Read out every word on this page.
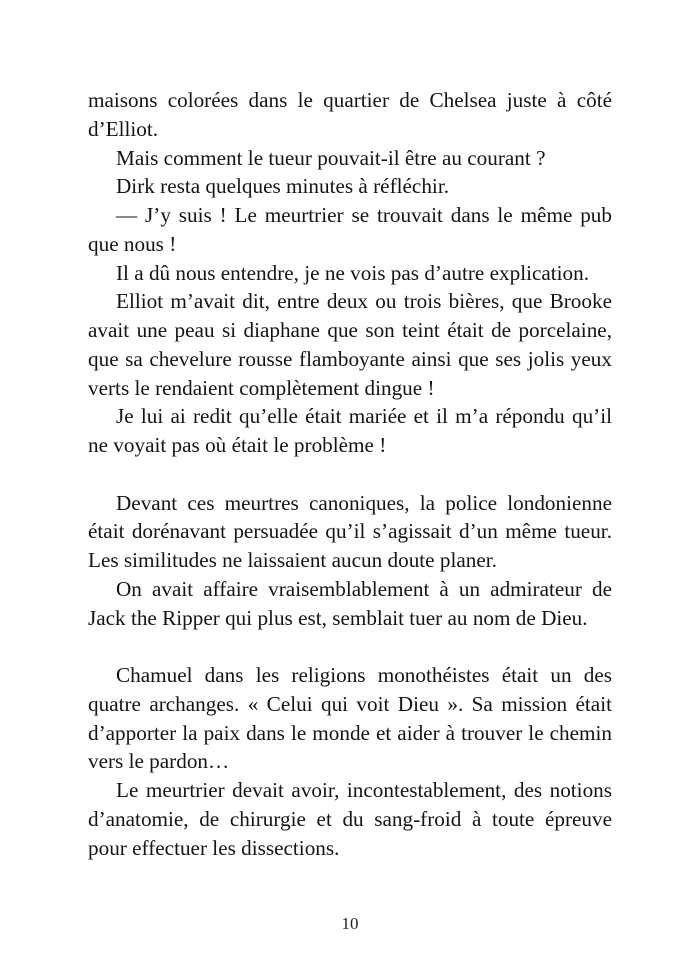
maisons colorées dans le quartier de Chelsea juste à côté d’Elliot.

Mais comment le tueur pouvait-il être au courant ?

Dirk resta quelques minutes à réfléchir.

— J’y suis ! Le meurtrier se trouvait dans le même pub que nous !

Il a dû nous entendre, je ne vois pas d’autre explication.

Elliot m’avait dit, entre deux ou trois bières, que Brooke avait une peau si diaphane que son teint était de porcelaine, que sa chevelure rousse flamboyante ainsi que ses jolis yeux verts le rendaient complètement dingue !

Je lui ai redit qu’elle était mariée et il m’a répondu qu’il ne voyait pas où était le problème !

Devant ces meurtres canoniques, la police londonienne était dorénavant persuadée qu’il s’agissait d’un même tueur. Les similitudes ne laissaient aucun doute planer.

On avait affaire vraisemblablement à un admirateur de Jack the Ripper qui plus est, semblait tuer au nom de Dieu.

Chamuel dans les religions monothéistes était un des quatre archanges. « Celui qui voit Dieu ». Sa mission était d’apporter la paix dans le monde et aider à trouver le chemin vers le pardon…

Le meurtrier devait avoir, incontestablement, des notions d’anatomie, de chirurgie et du sang-froid à toute épreuve pour effectuer les dissections.

10
